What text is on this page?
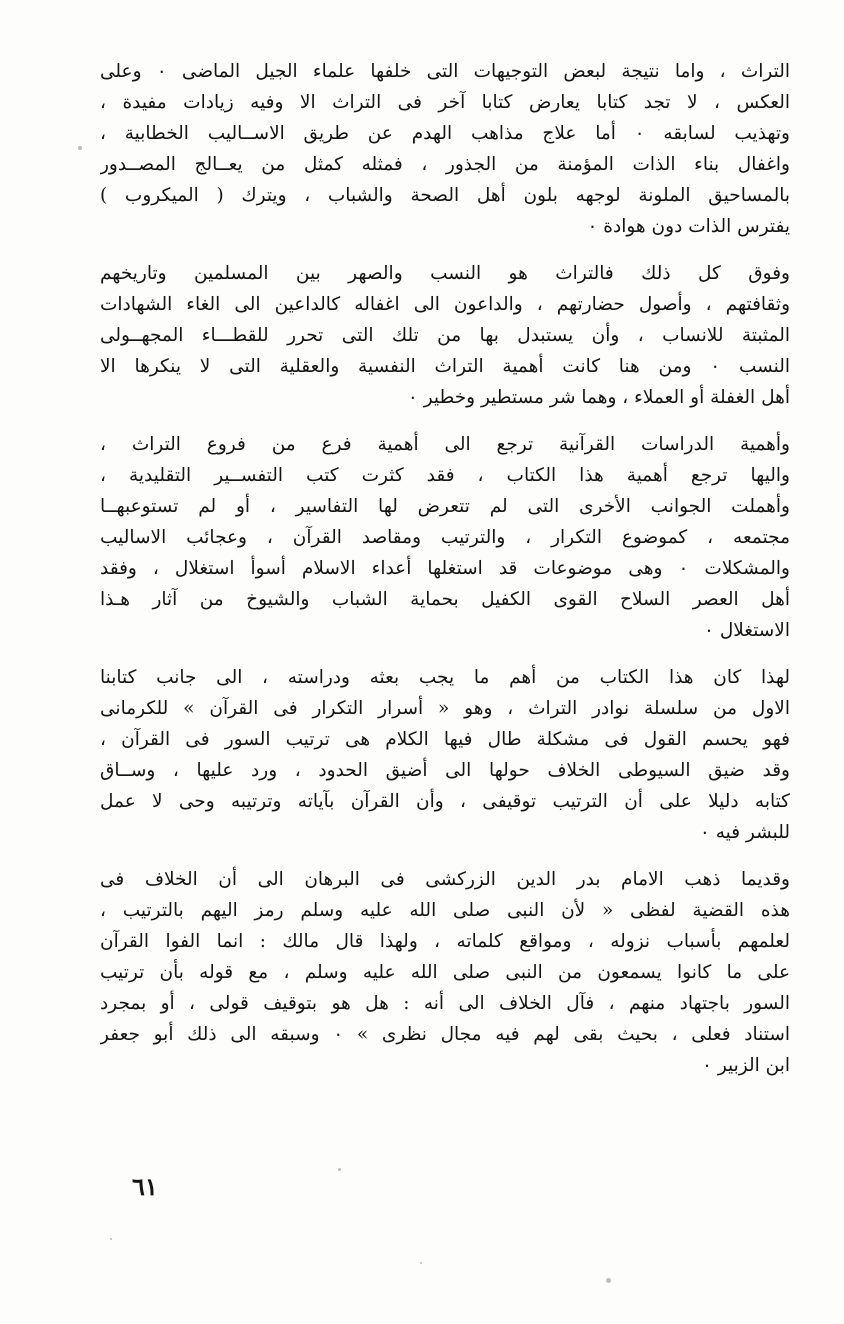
التراث ، واما نتيجة لبعض التوجيهات التى خلفها علماء الجيل الماضى ٠ وعلى
العكس ، لا تجد كتابا يعارض كتابا آخر فى التراث الا وفيه زيادات مفيدة ،
وتهذيب لسابقه ٠ أما علاج مذاهب الهدم عن طريق الاســاليب الخطابية ،
واغفال بناء الذات المؤمنة من الجذور ، فمثله كمثل من يعــالج المصــدور
بالمساحيق الملونة لوجهه بلون أهل الصحة والشباب ، ويترك ( الميكروب )
يفترس الذات دون هوادة ٠
وفوق كل ذلك فالتراث هو النسب والصهر بين المسلمين وتاريخهم
وثقافتهم ، وأصول حضارتهم ، والداعون الى اغفاله كالداعين الى الغاء الشهادات
المثبتة للانساب ، وأن يستبدل بها من تلك التى تحرر للقطـــاء المجهــولى
النسب ٠ ومن هنا كانت أهمية التراث النفسية والعقلية التى لا ينكرها الا
أهل الغفلة أو العملاء ، وهما شر مستطير وخطير ٠
وأهمية الدراسات القرآنية ترجع الى أهمية فرع من فروع التراث ،
واليها ترجع أهمية هذا الكتاب ، فقد كثرت كتب التفســير التقليدية ،
وأهملت الجوانب الأخرى التى لم تتعرض لها التفاسير ، أو لم تستوعبهــا
مجتمعه ، كموضوع التكرار ، والترتيب ومقاصد القرآن ، وعجائب الاساليب
والمشكلات ٠ وهى موضوعات قد استغلها أعداء الاسلام أسوأ استغلال ، وفقد
أهل العصر السلاح القوى الكفيل بحماية الشباب والشيوخ من آثار هـذا
الاستغلال ٠
لهذا كان هذا الكتاب من أهم ما يجب بعثه ودراسته ، الى جانب كتابنا
الاول من سلسلة نوادر التراث ، وهو « أسرار التكرار فى القرآن » للكرمانى
فهو يحسم القول فى مشكلة طال فيها الكلام هى ترتيب السور فى القرآن ،
وقد ضيق السيوطى الخلاف حولها الى أضيق الحدود ، ورد عليها ، وســاق
كتابه دليلا على أن الترتيب توقيفى ، وأن القرآن بآياته وترتيبه وحى لا عمل
للبشر فيه ٠
وقديما ذهب الامام بدر الدين الزركشى فى البرهان الى أن الخلاف فى
هذه القضية لفظى « لأن النبى صلى الله عليه وسلم رمز اليهم بالترتيب ،
لعلمهم بأسباب نزوله ، ومواقع كلماته ، ولهذا قال مالك : انما الفوا القرآن
على ما كانوا يسمعون من النبى صلى الله عليه وسلم ، مع قوله بأن ترتيب
السور باجتهاد منهم ، فآل الخلاف الى أنه : هل هو بتوقيف قولى ، أو بمجرد
استناد فعلى ، بحيث بقى لهم فيه مجال نظرى » ٠ وسبقه الى ذلك أبو جعفر
ابن الزبير ٠
٦١
